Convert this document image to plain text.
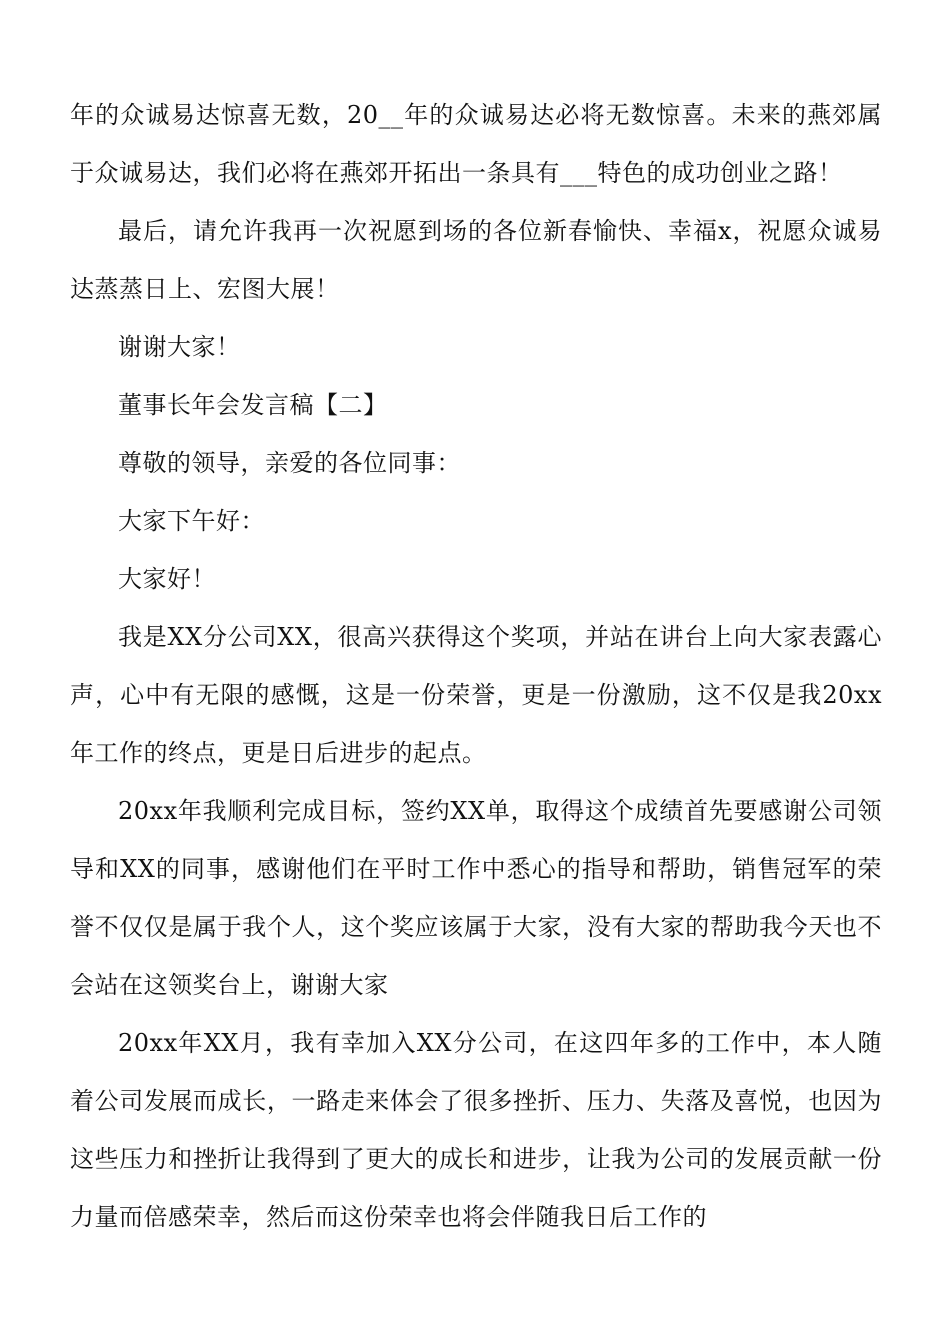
年的众诚易达惊喜无数，20__年的众诚易达必将无数惊喜。未来的燕郊属于众诚易达，我们必将在燕郊开拓出一条具有___特色的成功创业之路！

最后，请允许我再一次祝愿到场的各位新春愉快、幸福x，祝愿众诚易达蒸蒸日上、宏图大展！

谢谢大家！

董事长年会发言稿【二】

尊敬的领导，亲爱的各位同事：

大家下午好：

大家好！

我是XX分公司XX，很高兴获得这个奖项，并站在讲台上向大家表露心声，心中有无限的感慨，这是一份荣誉，更是一份激励，这不仅是我20xx年工作的终点，更是日后进步的起点。

20xx年我顺利完成目标，签约XX单，取得这个成绩首先要感谢公司领导和XX的同事，感谢他们在平时工作中悉心的指导和帮助，销售冠军的荣誉不仅仅是属于我个人，这个奖应该属于大家，没有大家的帮助我今天也不会站在这领奖台上，谢谢大家

20xx年XX月，我有幸加入XX分公司，在这四年多的工作中，本人随着公司发展而成长，一路走来体会了很多挫折、压力、失落及喜悦，也因为这些压力和挫折让我得到了更大的成长和进步，让我为公司的发展贡献一份力量而倍感荣幸，然后而这份荣幸也将会伴随我日后工作的
